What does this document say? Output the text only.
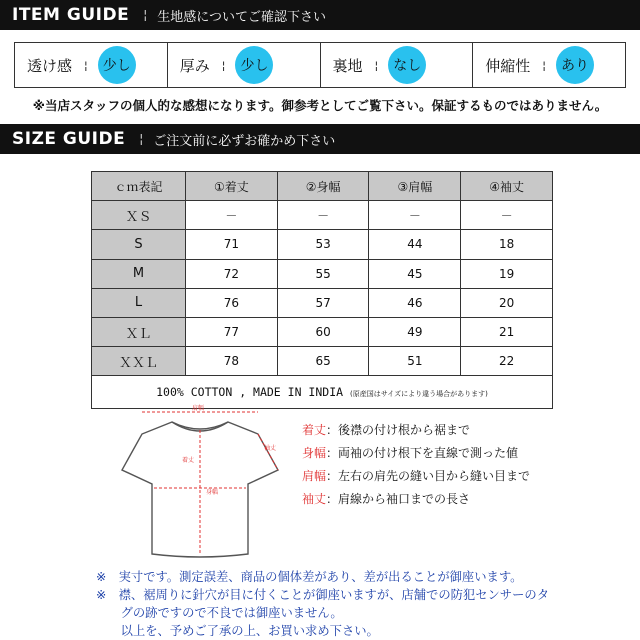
ITEM GUIDE ¦ 生地感についてご確認下さい
透け感 ¦	少し	厚み ¦	少し	裏地 ¦	なし	伸縮性 ¦	あり
※当店スタッフの個人的な感想になります。御参考としてご覧下さい。保証するものではありません。
SIZE GUIDE ¦ ご注文前に必ずお確かめ下さい
ｃｍ表記	①着丈	②身幅	③肩幅	④袖丈
ＸＳ	－	－	－	－
S	71	53	44	18
M	72	55	45	19
L	76	57	46	20
ＸＬ	77	60	49	21
ＸＸＬ	78	65	51	22
100% COTTON , MADE IN INDIA (原産国はサイズにより違う場合があります)				
肩幅
着丈
身幅
袖丈
着丈：後襟の付け根から裾まで
身幅：両袖の付け根下を直線で測った値
肩幅：左右の肩先の縫い目から縫い目まで
袖丈：肩線から袖口までの長さ
※　実寸です。測定誤差、商品の個体差があり、差が出ることが御座います。
※　襟、裾周りに針穴が目に付くことが御座いますが、店舗での防犯センサーのタ
　　グの跡ですので不良では御座いません。
　　以上を、予めご了承の上、お買い求め下さい。
